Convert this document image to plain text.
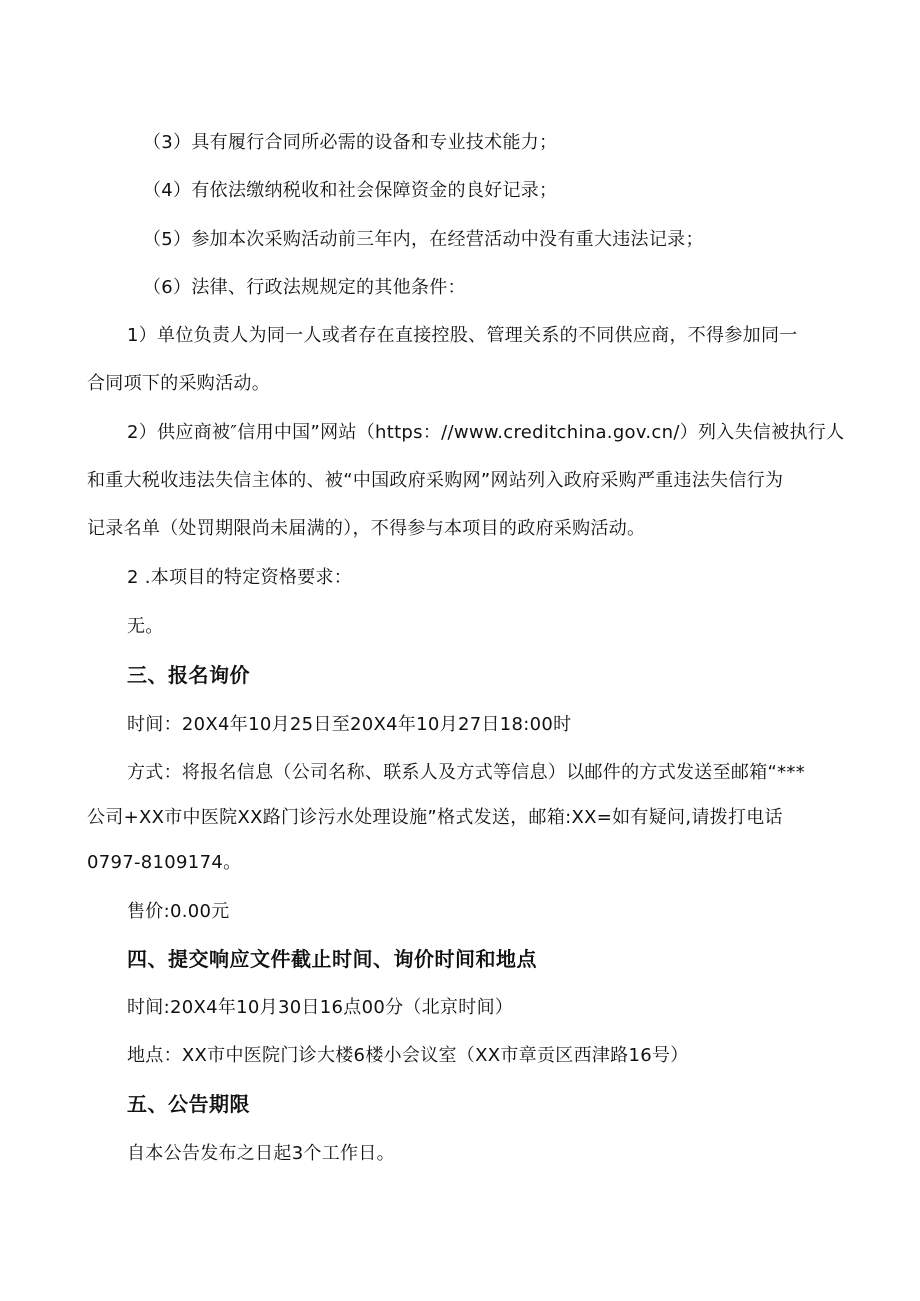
（3）具有履行合同所必需的设备和专业技术能力；
（4）有依法缴纳税收和社会保障资金的良好记录；
（5）参加本次采购活动前三年内，在经营活动中没有重大违法记录；
（6）法律、行政法规规定的其他条件：
1）单位负责人为同一人或者存在直接控股、管理关系的不同供应商，不得参加同一
合同项下的采购活动。
2）供应商被″信用中国”网站（https：//www.creditchina.gov.cn/）列入失信被执行人
和重大税收违法失信主体的、被“中国政府采购网”网站列入政府采购严重违法失信行为
记录名单（处罚期限尚未届满的），不得参与本项目的政府采购活动。
2 .本项目的特定资格要求：
无。
三、报名询价
时间：20X4年10月25日至20X4年10月27日18:00时
方式：将报名信息（公司名称、联系人及方式等信息）以邮件的方式发送至邮箱“***
公司+XX市中医院XX路门诊污水处理设施”格式发送，邮箱:XX=如有疑问,请拨打电话
0797-8109174。
售价:0.00元
四、提交响应文件截止时间、询价时间和地点
时间:20X4年10月30日16点00分（北京时间）
地点：XX市中医院门诊大楼6楼小会议室（XX市章贡区西津路16号）
五、公告期限
自本公告发布之日起3个工作日。
